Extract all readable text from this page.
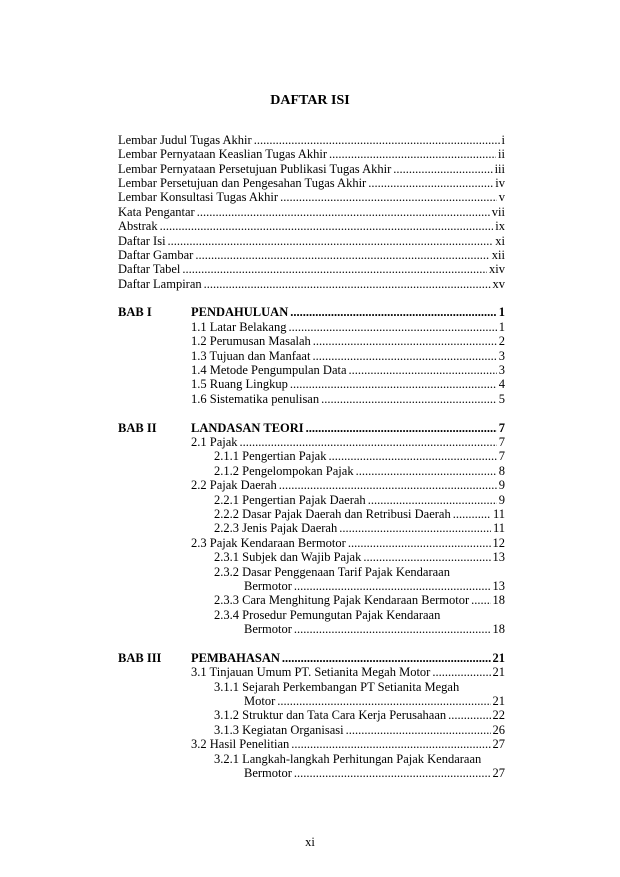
DAFTAR ISI
Lembar Judul Tugas Akhir .....	i
Lembar Pernyataan Keaslian Tugas Akhir .....	ii
Lembar Pernyataan Persetujuan Publikasi Tugas Akhir .....	iii
Lembar Persetujuan dan Pengesahan Tugas Akhir .....	iv
Lembar Konsultasi Tugas Akhir .....	v
Kata Pengantar .....	vii
Abstrak .....	ix
Daftar Isi .....	xi
Daftar Gambar .....	xii
Daftar Tabel .....	xiv
Daftar Lampiran .....	xv
BAB I	PENDAHULUAN .....	1
1.1 Latar Belakang .....	1
1.2 Perumusan Masalah .....	2
1.3 Tujuan dan Manfaat .....	3
1.4 Metode Pengumpulan Data .....	3
1.5 Ruang Lingkup .....	4
1.6 Sistematika penulisan .....	5
BAB II	LANDASAN TEORI .....	7
2.1 Pajak .....	7
2.1.1 Pengertian Pajak .....	7
2.1.2 Pengelompokan Pajak .....	8
2.2 Pajak Daerah .....	9
2.2.1 Pengertian Pajak Daerah .....	9
2.2.2 Dasar Pajak Daerah dan Retribusi Daerah .....	11
2.2.3 Jenis Pajak Daerah .....	11
2.3 Pajak Kendaraan Bermotor .....	12
2.3.1 Subjek dan Wajib Pajak .....	13
2.3.2 Dasar Penggenaan Tarif Pajak Kendaraan
Bermotor .....	13
2.3.3 Cara Menghitung Pajak Kendaraan Bermotor ..... 18
2.3.4 Prosedur Pemungutan Pajak Kendaraan
Bermotor .....	18
BAB III	PEMBAHASAN .....	21
3.1 Tinjauan Umum PT. Setianita Megah Motor .....	21
3.1.1 Sejarah Perkembangan PT Setianita Megah
Motor .....	21
3.1.2 Struktur dan Tata Cara Kerja Perusahaan .....	22
3.1.3 Kegiatan Organisasi .....	26
3.2 Hasil Penelitian .....	27
3.2.1 Langkah-langkah Perhitungan Pajak Kendaraan
Bermotor .....	27
xi
